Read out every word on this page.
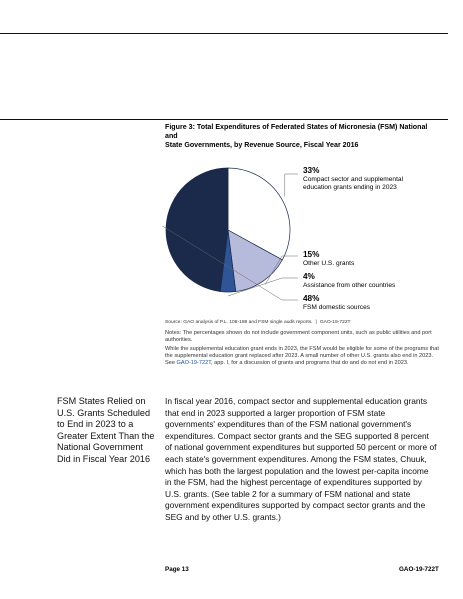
Figure 3: Total Expenditures of Federated States of Micronesia (FSM) National and
State Governments, by Revenue Source, Fiscal Year 2016
33%
Compact sector and supplemental
education grants ending in 2023
15%
Other U.S. grants
4%
Assistance from other countries
48%
FSM domestic sources
Source: GAO analysis of P.L. 108-188 and FSM single audit reports. | GAO-19-722T
Notes: The percentages shown do not include government component units, such as public utilities and port authorities.
While the supplemental education grant ends in 2023, the FSM would be eligible for some of the programs that the supplemental education grant replaced after 2023. A small number of other U.S. grants also end in 2023. See GAO-19-722T, app. I, for a discussion of grants and programs that do and do not end in 2023.
FSM States Relied on U.S. Grants Scheduled to End in 2023 to a Greater Extent Than the National Government Did in Fiscal Year 2016
In fiscal year 2016, compact sector and supplemental education grants that end in 2023 supported a larger proportion of FSM state governments' expenditures than of the FSM national government's expenditures. Compact sector grants and the SEG supported 8 percent of national government expenditures but supported 50 percent or more of each state's government expenditures. Among the FSM states, Chuuk, which has both the largest population and the lowest per-capita income in the FSM, had the highest percentage of expenditures supported by U.S. grants. (See table 2 for a summary of FSM national and state government expenditures supported by compact sector grants and the SEG and by other U.S. grants.)
Page 13	GAO-19-722T
